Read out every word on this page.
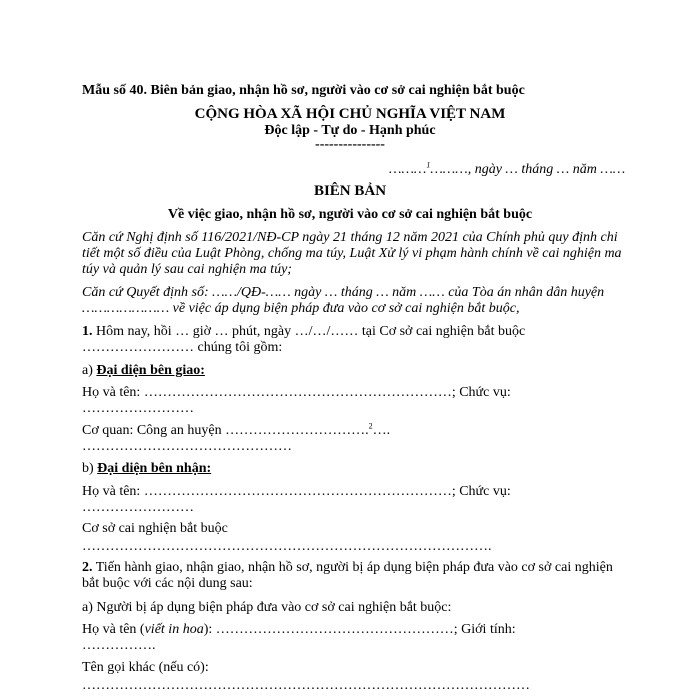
Mẫu số 40. Biên bản giao, nhận hồ sơ, người vào cơ sở cai nghiện bắt buộc
CỘNG HÒA XÃ HỘI CHỦ NGHĨA VIỆT NAM
Độc lập - Tự do - Hạnh phúc
---------------
………$^1$………, ngày … tháng … năm ……
BIÊN BẢN
Về việc giao, nhận hồ sơ, người vào cơ sở cai nghiện bắt buộc
Căn cứ Nghị định số 116/2021/NĐ-CP ngày 21 tháng 12 năm 2021 của Chính phủ quy định chi
tiết một số điều của Luật Phòng, chống ma túy, Luật Xử lý vi phạm hành chính về cai nghiện ma
túy và quản lý sau cai nghiện ma túy;
Căn cứ Quyết định số: ……/QĐ-…… ngày … tháng … năm …… của Tòa án nhân dân huyện
………………… về việc áp dụng biện pháp đưa vào cơ sở cai nghiện bắt buộc,
1. Hôm nay, hồi … giờ … phút, ngày …/…/…… tại Cơ sở cai nghiện bắt buộc
…………………… chúng tôi gồm:
a) Đại diện bên giao:
Họ và tên: …………………………………………………………; Chức vụ:
……………………
Cơ quan: Công an huyện ………………………….$^2$….
………………………………………
b) Đại diện bên nhận:
Họ và tên: …………………………………………………………; Chức vụ:
……………………
Cơ sở cai nghiện bắt buộc
…………………………………………………………………………….
2. Tiến hành giao, nhận giao, nhận hồ sơ, người bị áp dụng biện pháp đưa vào cơ sở cai nghiện
bắt buộc với các nội dung sau:
a) Người bị áp dụng biện pháp đưa vào cơ sở cai nghiện bắt buộc:
Họ và tên (viết in hoa): ……………………………………………; Giới tính:
…………….
Tên gọi khác (nếu có):
……………………………………………………………………………………
